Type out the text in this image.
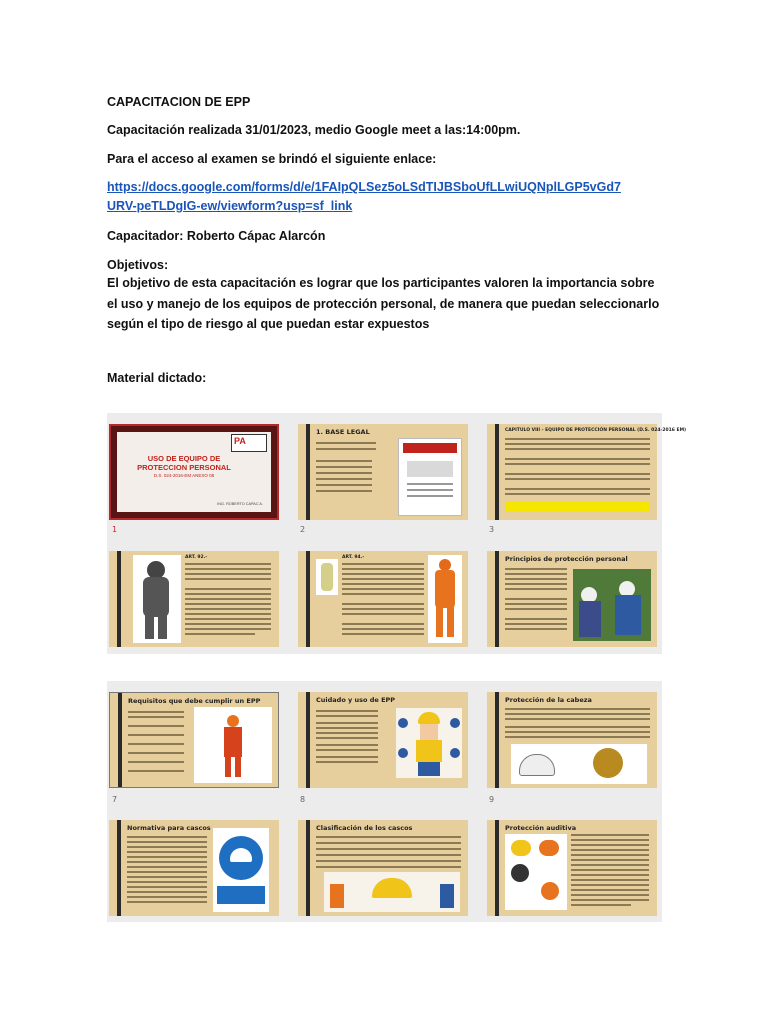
CAPACITACION DE EPP
Capacitación realizada 31/01/2023, medio Google meet a las:14:00pm.
Para el acceso al examen se brindó el siguiente enlace:
https://docs.google.com/forms/d/e/1FAIpQLSez5oLSdTIJBSboUfLLwiUQNplLGP5vGd7URV-peTLDgIG-ew/viewform?usp=sf_link
Capacitador: Roberto Cápac Alarcón
Objetivos:
El objetivo de esta capacitación es lograr que los participantes valoren la importancia sobre el uso y manejo de los equipos de protección personal, de manera que puedan seleccionarlo según el tipo de riesgo al que puedan estar expuestos
Material dictado:
PA
USO DE EQUIPO DE PROTECCION PERSONAL
D.S. 024-2016-EM ANEXO 08
ING. ROBERTO CAPAC A.
1
1. BASE LEGAL
2
CAPITULO VIII - EQUIPO DE PROTECCIÓN PERSONAL (D.S. 024-2016 EM)
3
ART. 92.-	ART. 94.-	Principios de protección personal
Requisitos que debe cumplir un EPP
7
Cuidado y uso de EPP
8
Protección de la cabeza
9
Normativa para cascos	Clasificación de los cascos	Protección auditiva
